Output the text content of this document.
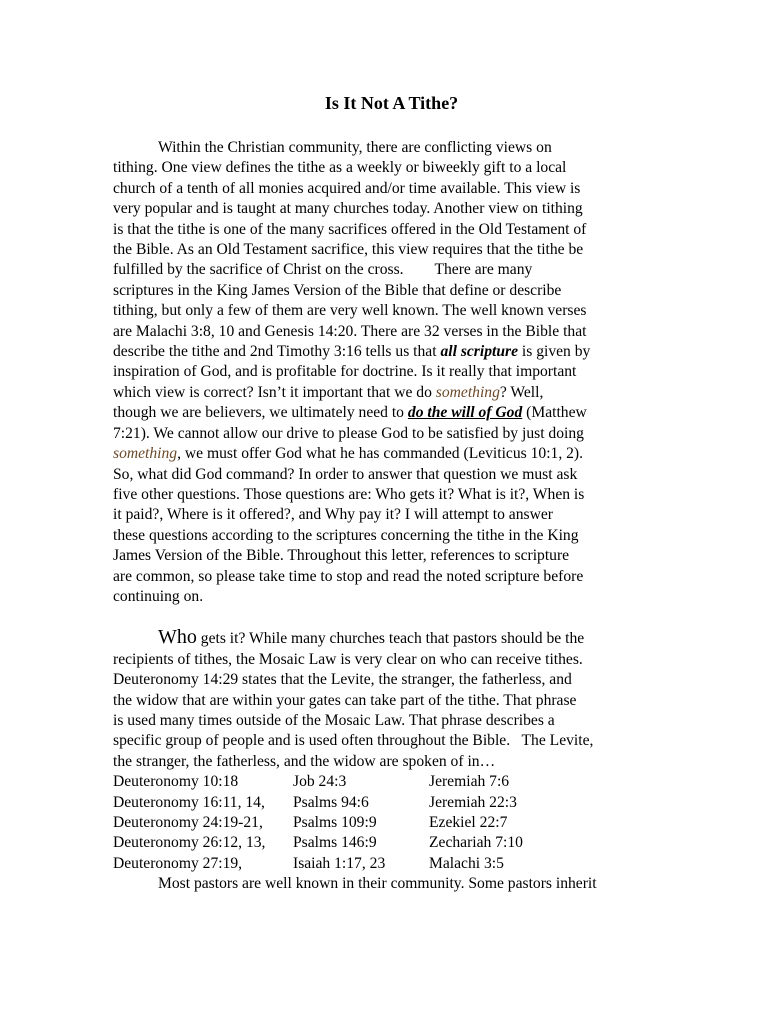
Is It Not A Tithe?
Within the Christian community, there are conflicting views on
tithing. One view defines the tithe as a weekly or biweekly gift to a local
church of a tenth of all monies acquired and/or time available. This view is
very popular and is taught at many churches today. Another view on tithing
is that the tithe is one of the many sacrifices offered in the Old Testament of
the Bible. As an Old Testament sacrifice, this view requires that the tithe be
fulfilled by the sacrifice of Christ on the cross.        There are many
scriptures in the King James Version of the Bible that define or describe
tithing, but only a few of them are very well known. The well known verses
are Malachi 3:8, 10 and Genesis 14:20. There are 32 verses in the Bible that
describe the tithe and 2nd Timothy 3:16 tells us that all scripture is given by
inspiration of God, and is profitable for doctrine. Is it really that important
which view is correct? Isn’t it important that we do something? Well,
though we are believers, we ultimately need to do the will of God (Matthew
7:21). We cannot allow our drive to please God to be satisfied by just doing
something, we must offer God what he has commanded (Leviticus 10:1, 2).
So, what did God command? In order to answer that question we must ask
five other questions. Those questions are: Who gets it? What is it?, When is
it paid?, Where is it offered?, and Why pay it? I will attempt to answer
these questions according to the scriptures concerning the tithe in the King
James Version of the Bible. Throughout this letter, references to scripture
are common, so please take time to stop and read the noted scripture before
continuing on.
Who gets it? While many churches teach that pastors should be the
recipients of tithes, the Mosaic Law is very clear on who can receive tithes.
Deuteronomy 14:29 states that the Levite, the stranger, the fatherless, and
the widow that are within your gates can take part of the tithe. That phrase
is used many times outside of the Mosaic Law. That phrase describes a
specific group of people and is used often throughout the Bible.   The Levite,
the stranger, the fatherless, and the widow are spoken of in…
Deuteronomy 10:18	Job 24:3	Jeremiah 7:6
Deuteronomy 16:11, 14,	Psalms 94:6	Jeremiah 22:3
Deuteronomy 24:19-21,	Psalms 109:9	Ezekiel 22:7
Deuteronomy 26:12, 13,	Psalms 146:9	Zechariah 7:10
Deuteronomy 27:19,	Isaiah 1:17, 23	Malachi 3:5

Most pastors are well known in their community. Some pastors inherit
